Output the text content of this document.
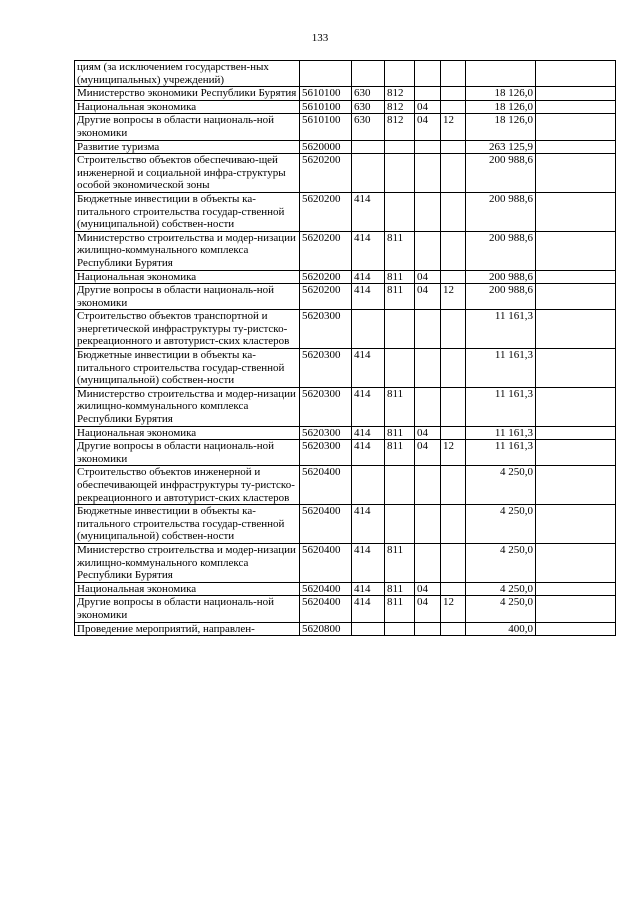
133
циям (за исключением государствен-ных (муниципальных) учреждений)							
Министерство экономики Республики Бурятия	5610100	630	812			18 126,0	
Национальная экономика	5610100	630	812	04		18 126,0	
Другие вопросы в области националь-ной экономики	5610100	630	812	04	12	18 126,0	
Развитие туризма	5620000					263 125,9	
Строительство объектов обеспечиваю-щей инженерной и социальной инфра-структуры особой экономической зоны	5620200					200 988,6	
Бюджетные инвестиции в объекты ка-питального строительства государ-ственной (муниципальной) собствен-ности	5620200	414				200 988,6	
Министерство строительства и модер-низации жилищно-коммунального комплекса Республики Бурятия	5620200	414	811			200 988,6	
Национальная экономика	5620200	414	811	04		200 988,6	
Другие вопросы в области националь-ной экономики	5620200	414	811	04	12	200 988,6	
Строительство объектов транспортной и энергетической инфраструктуры ту-ристско-рекреационного и автотурист-ских кластеров	5620300					11 161,3	
Бюджетные инвестиции в объекты ка-питального строительства государ-ственной (муниципальной) собствен-ности	5620300	414				11 161,3	
Министерство строительства и модер-низации жилищно-коммунального комплекса Республики Бурятия	5620300	414	811			11 161,3	
Национальная экономика	5620300	414	811	04		11 161,3	
Другие вопросы в области националь-ной экономики	5620300	414	811	04	12	11 161,3	
Строительство объектов инженерной и обеспечивающей инфраструктуры ту-ристско-рекреационного и автотурист-ских кластеров	5620400					4 250,0	
Бюджетные инвестиции в объекты ка-питального строительства государ-ственной (муниципальной) собствен-ности	5620400	414				4 250,0	
Министерство строительства и модер-низации жилищно-коммунального комплекса Республики Бурятия	5620400	414	811			4 250,0	
Национальная экономика	5620400	414	811	04		4 250,0	
Другие вопросы в области националь-ной экономики	5620400	414	811	04	12	4 250,0	
Проведение мероприятий, направлен-	5620800					400,0	
